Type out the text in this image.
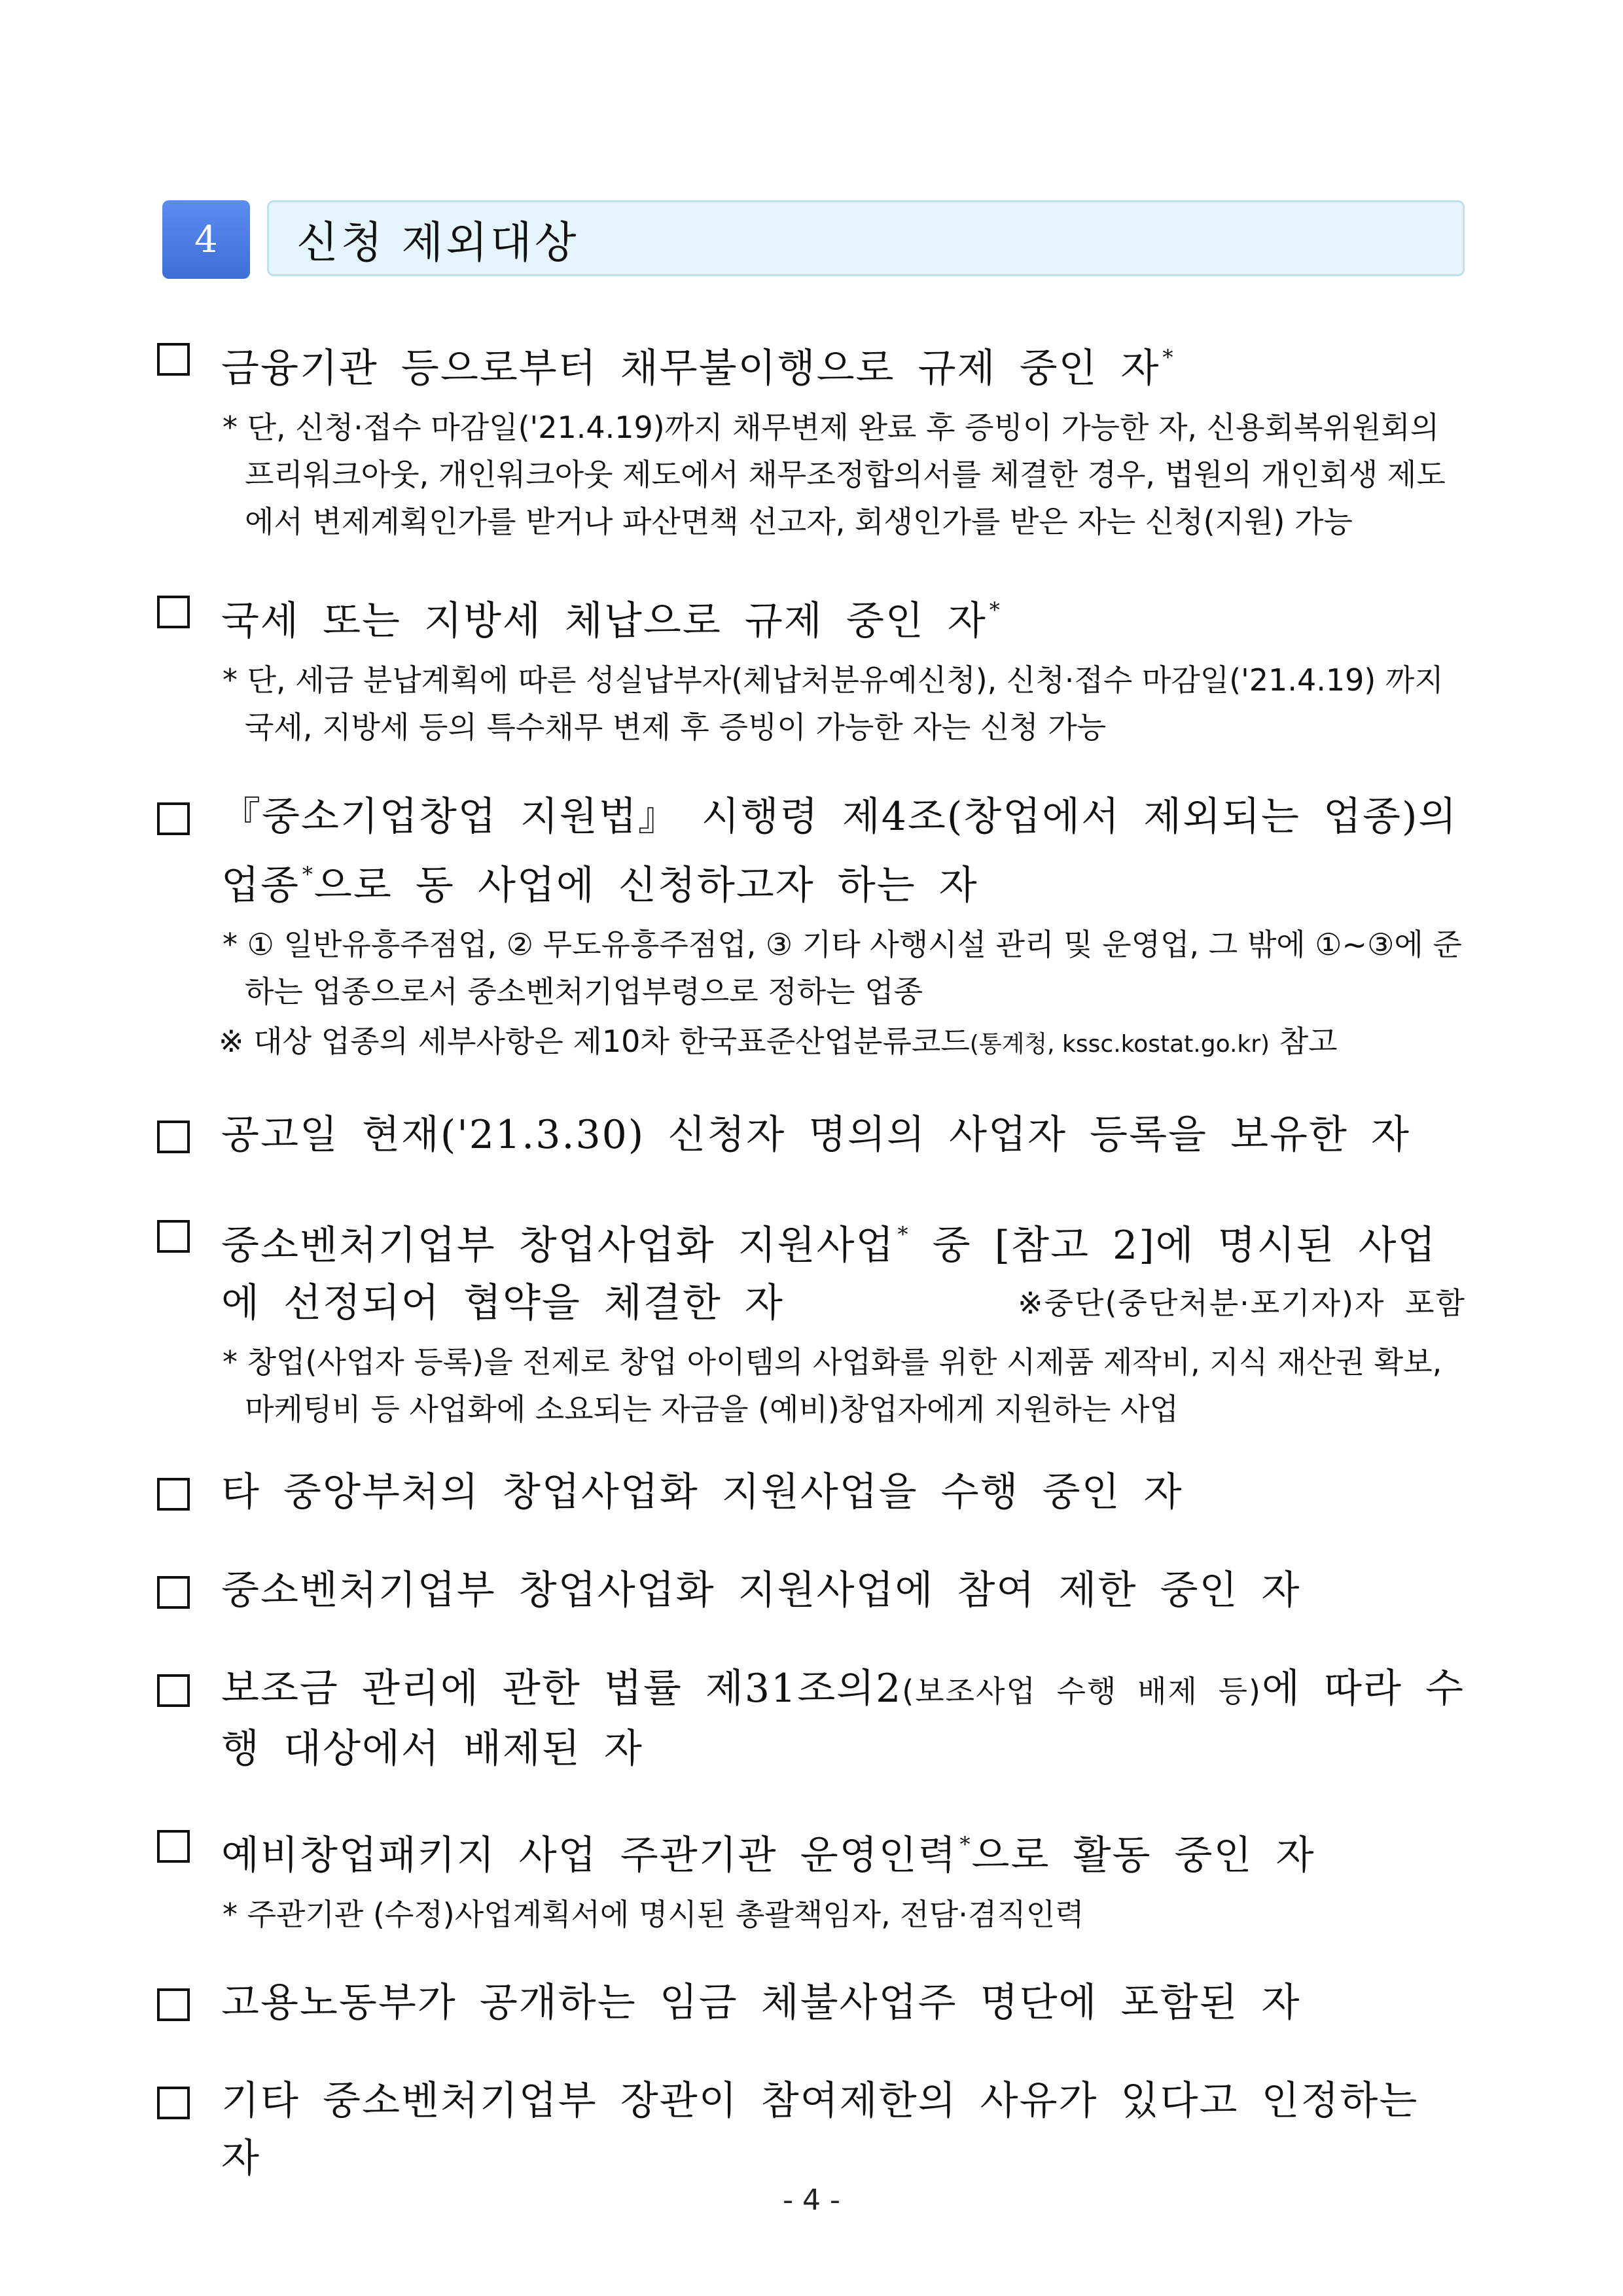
4	신청 제외대상
금융기관 등으로부터 채무불이행으로 규제 중인 자 *
* 단, 신청·접수 마감일('21.4.19)까지 채무변제 완료 후 증빙이 가능한 자, 신용회복위원회의 프리워크아웃, 개인워크아웃 제도에서 채무조정합의서를 체결한 경우, 법원의 개인회생 제도에서 변제계획인가를 받거나 파산면책 선고자, 회생인가를 받은 자는 신청(지원) 가능
국세 또는 지방세 체납으로 규제 중인 자 *
* 단, 세금 분납계획에 따른 성실납부자(체납처분유예신청), 신청·접수 마감일('21.4.19) 까지 국세, 지방세 등의 특수채무 변제 후 증빙이 가능한 자는 신청 가능
『중소기업창업 지원법』 시행령 제4조(창업에서 제외되는 업종)의 업종 *으로 동 사업에 신청하고자 하는 자
* ① 일반유흥주점업, ② 무도유흥주점업, ③ 기타 사행시설 관리 및 운영업, 그 밖에 ①~③에 준하는 업종으로서 중소벤처기업부령으로 정하는 업종
※ 대상 업종의 세부사항은 제10차 한국표준산업분류코드(통계청, kssc.kostat.go.kr) 참고
공고일 현재('21.3.30) 신청자 명의의 사업자 등록을 보유한 자
중소벤처기업부 창업사업화 지원사업 * 중 [참고 2]에 명시된 사업에 선정되어 협약을 체결한 자	※중단(중단처분·포기자)자 포함
* 창업(사업자 등록)을 전제로 창업 아이템의 사업화를 위한 시제품 제작비, 지식 재산권 확보, 마케팅비 등 사업화에 소요되는 자금을 (예비)창업자에게 지원하는 사업
타 중앙부처의 창업사업화 지원사업을 수행 중인 자
중소벤처기업부 창업사업화 지원사업에 참여 제한 중인 자
보조금 관리에 관한 법률 제31조의2(보조사업 수행 배제 등)에 따라 수행 대상에서 배제된 자
예비창업패키지 사업 주관기관 운영인력 *으로 활동 중인 자
* 주관기관 (수정)사업계획서에 명시된 총괄책임자, 전담·겸직인력
고용노동부가 공개하는 임금 체불사업주 명단에 포함된 자
기타 중소벤처기업부 장관이 참여제한의 사유가 있다고 인정하는 자
- 4 -
